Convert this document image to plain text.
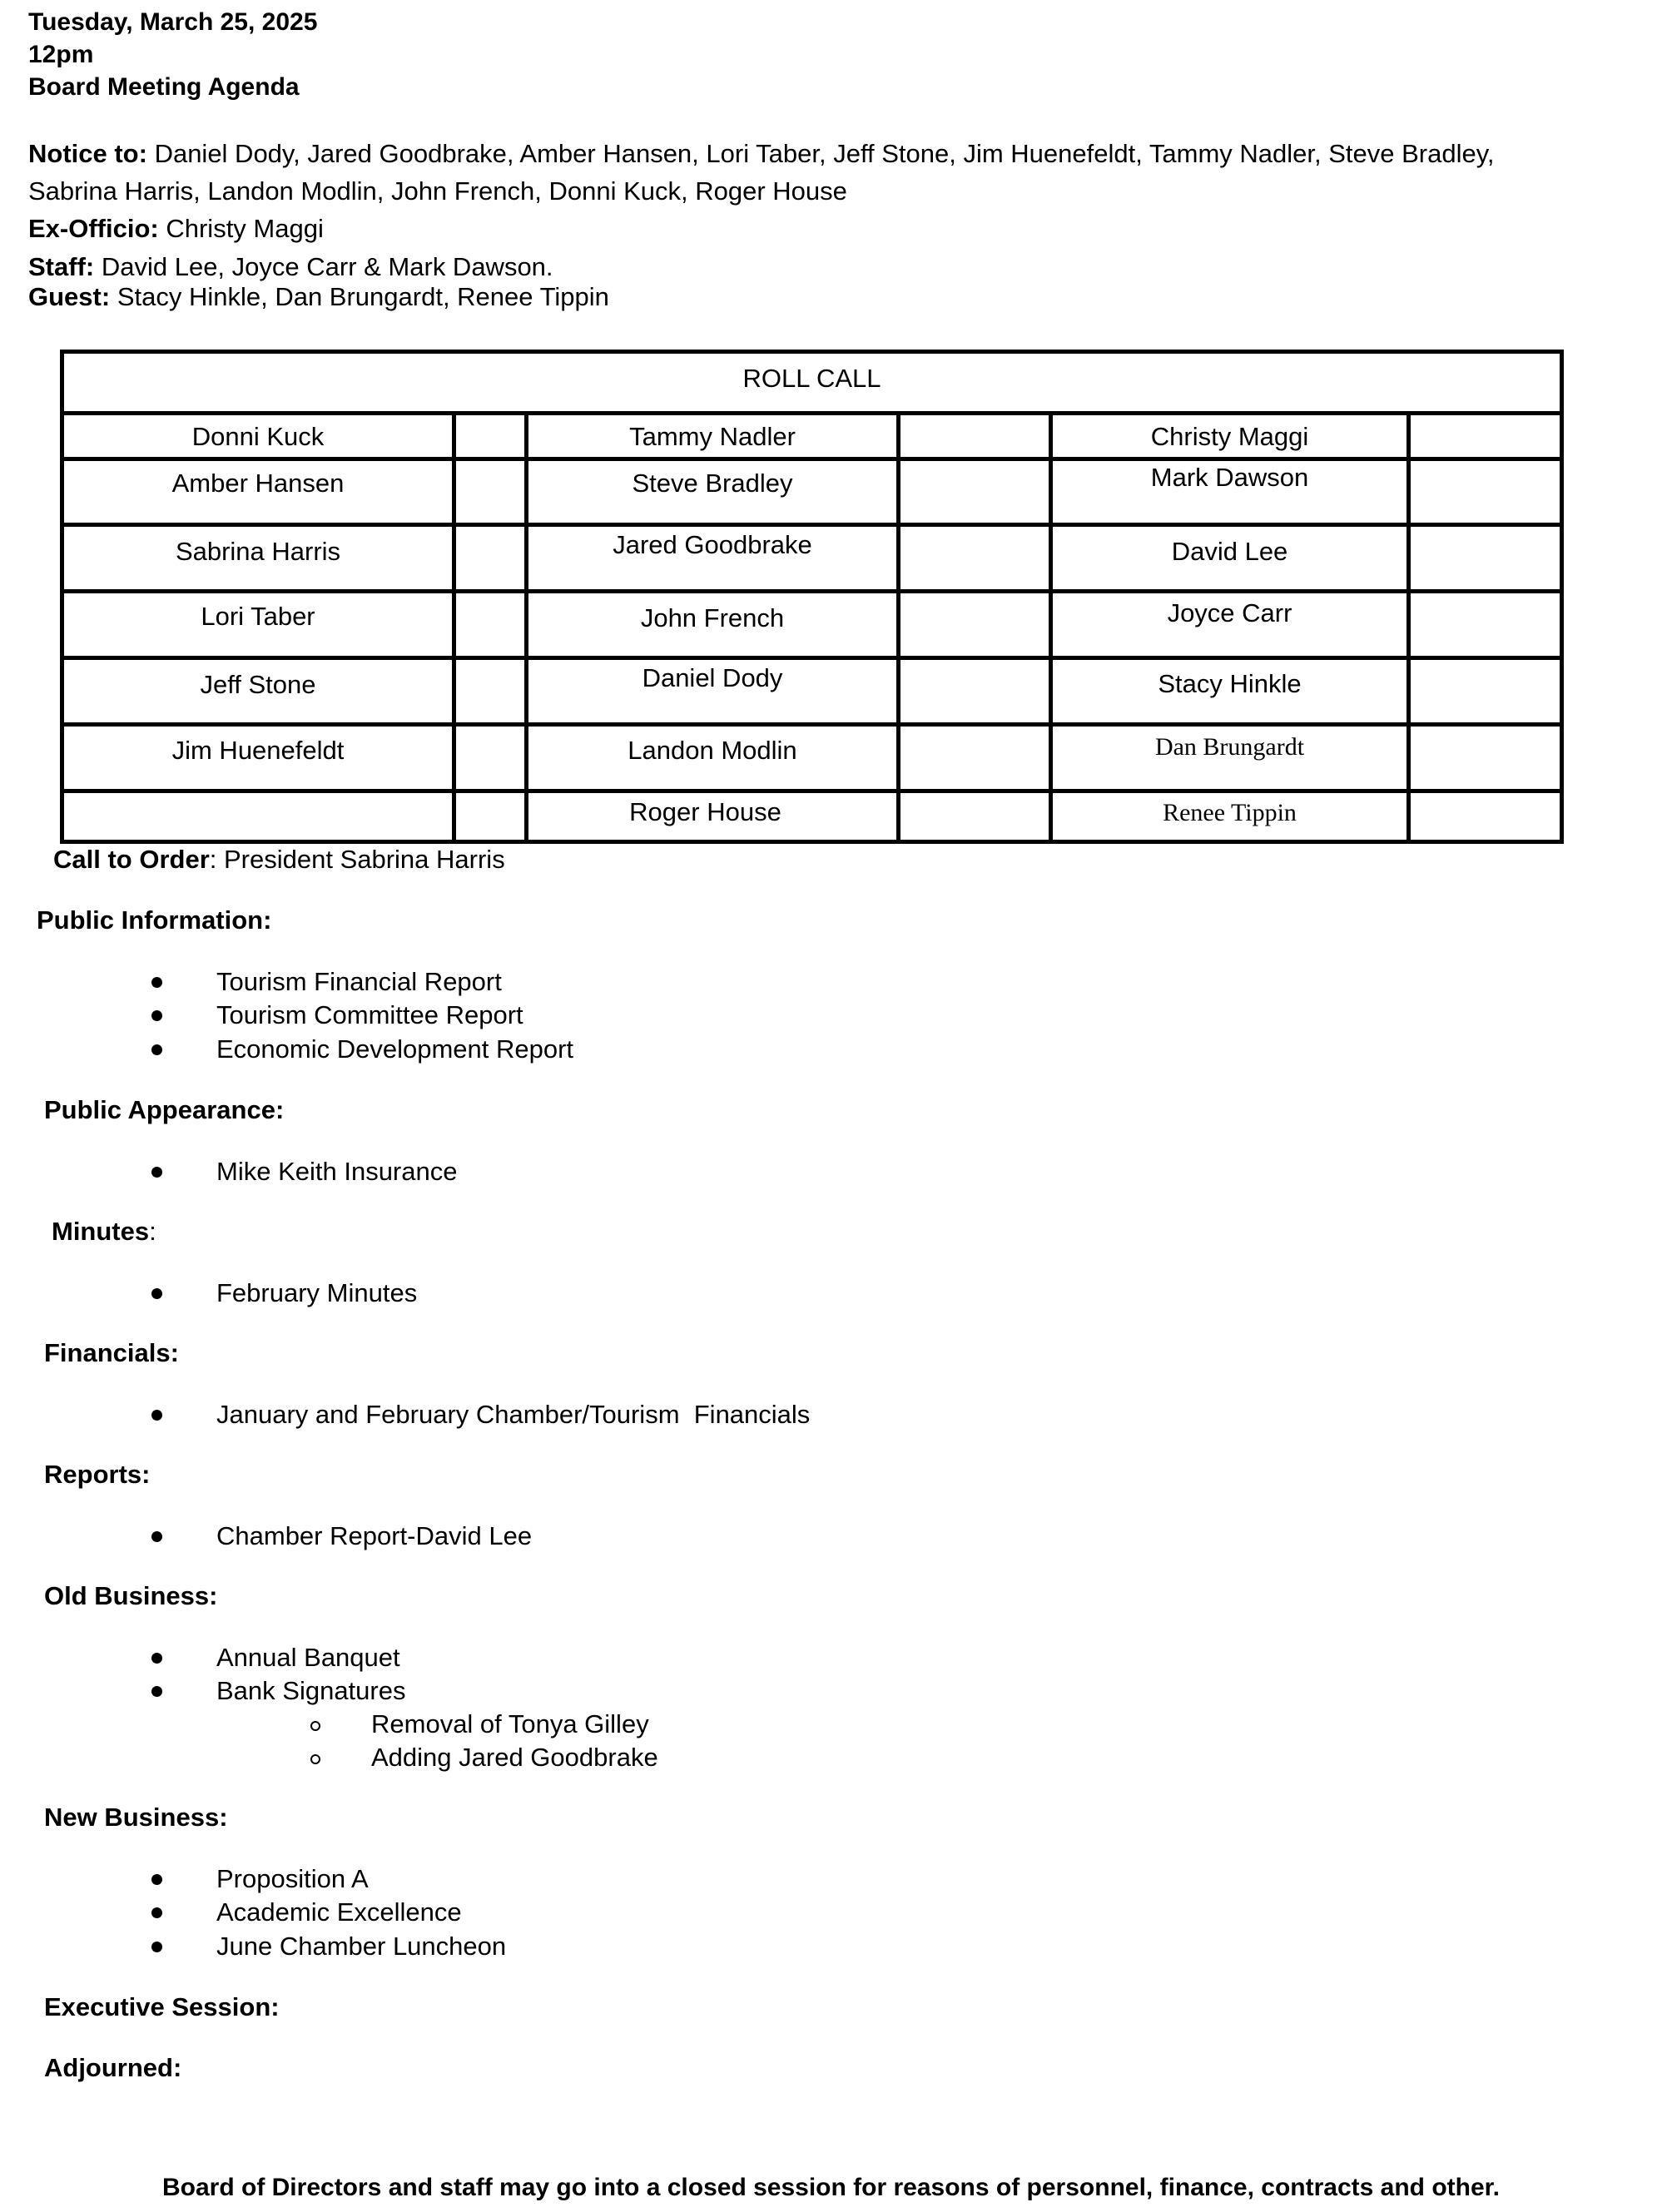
Tuesday, March 25, 2025
12pm
Board Meeting Agenda
Notice to: Daniel Dody, Jared Goodbrake, Amber Hansen, Lori Taber, Jeff Stone, Jim Huenefeldt, Tammy Nadler, Steve Bradley,
Sabrina Harris, Landon Modlin, John French, Donni Kuck, Roger House
Ex-Officio: Christy Maggi
Staff: David Lee, Joyce Carr & Mark Dawson.
Guest: Stacy Hinkle, Dan Brungardt, Renee Tippin
ROLL CALL
Donni Kuck
Amber Hansen
Sabrina Harris
Lori Taber
Jeff Stone
Jim Huenefeldt
Tammy Nadler
Steve Bradley
Jared Goodbrake
John French
Daniel Dody
Landon Modlin
Roger House
Christy Maggi
Mark Dawson
David Lee
Joyce Carr
Stacy Hinkle
Dan Brungardt
Renee Tippin
Call to Order: President Sabrina Harris
Public Information:
Tourism Financial Report
Tourism Committee Report
Economic Development Report
Public Appearance:
Mike Keith Insurance
Minutes:
February Minutes
Financials:
January and February Chamber/Tourism  Financials
Reports:
Chamber Report-David Lee
Old Business:
Annual Banquet
Bank Signatures
Removal of Tonya Gilley
Adding Jared Goodbrake
New Business:
Proposition A
Academic Excellence
June Chamber Luncheon
Executive Session:
Adjourned:
Board of Directors and staff may go into a closed session for reasons of personnel, finance, contracts and other.
